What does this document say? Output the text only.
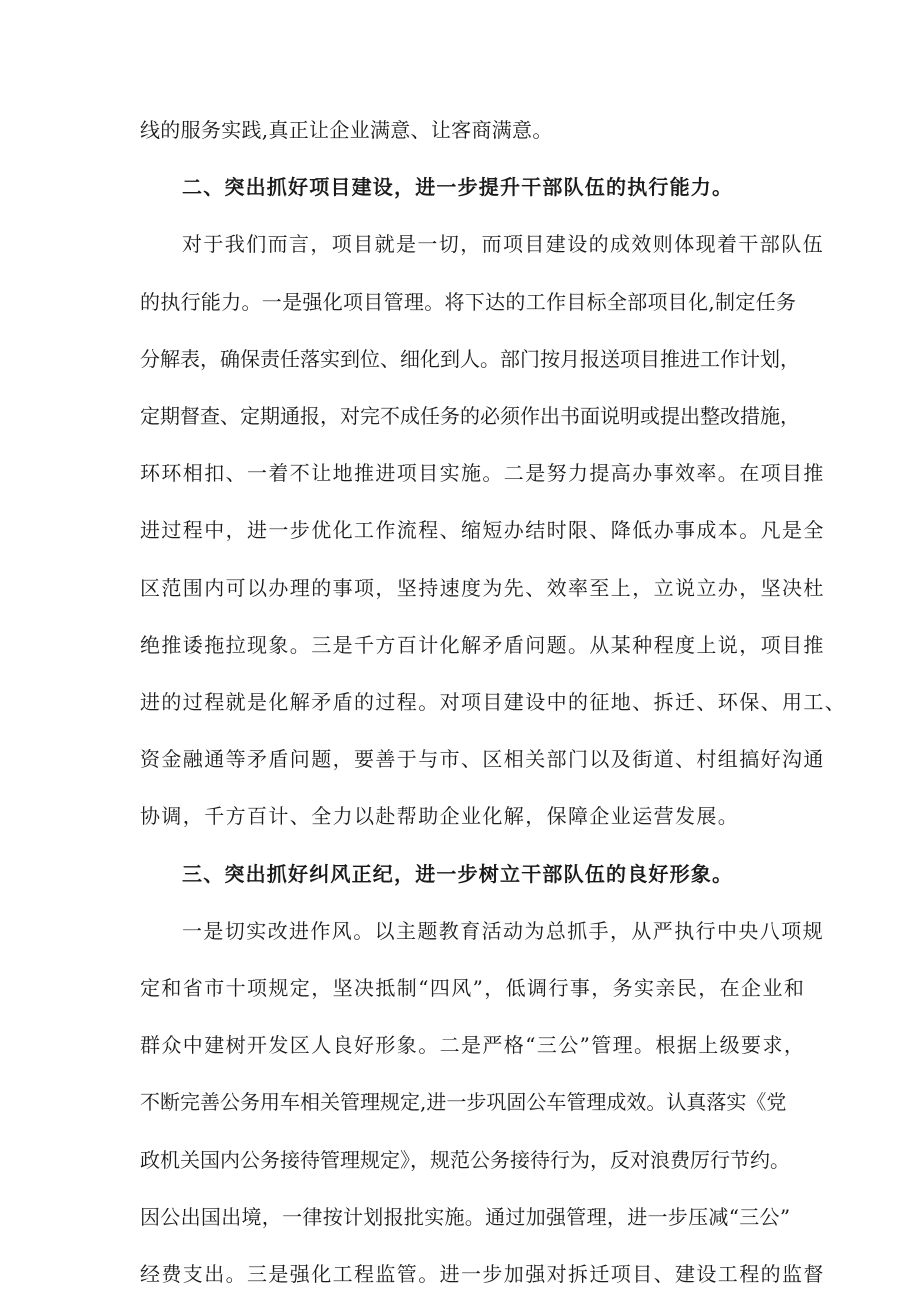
线的服务实践,真正让企业满意、让客商满意。

二、突出抓好项目建设，进一步提升干部队伍的执行能力。

对于我们而言，项目就是一切，而项目建设的成效则体现着干部队伍

的执行能力。一是强化项目管理。将下达的工作目标全部项目化,制定任务

分解表，确保责任落实到位、细化到人。部门按月报送项目推进工作计划，

定期督查、定期通报，对完不成任务的必须作出书面说明或提出整改措施，

环环相扣、一着不让地推进项目实施。二是努力提高办事效率。在项目推

进过程中，进一步优化工作流程、缩短办结时限、降低办事成本。凡是全

区范围内可以办理的事项，坚持速度为先、效率至上，立说立办，坚决杜

绝推诿拖拉现象。三是千方百计化解矛盾问题。从某种程度上说，项目推

进的过程就是化解矛盾的过程。对项目建设中的征地、拆迁、环保、用工、

资金融通等矛盾问题，要善于与市、区相关部门以及街道、村组搞好沟通

协调，千方百计、全力以赴帮助企业化解，保障企业运营发展。

三、突出抓好纠风正纪，进一步树立干部队伍的良好形象。

一是切实改进作风。以主题教育活动为总抓手，从严执行中央八项规

定和省市十项规定，坚决抵制“四风”，低调行事，务实亲民，在企业和

群众中建树开发区人良好形象。二是严格“三公”管理。根据上级要求，

不断完善公务用车相关管理规定,进一步巩固公车管理成效。认真落实《党

政机关国内公务接待管理规定》，规范公务接待行为，反对浪费厉行节约。

因公出国出境，一律按计划报批实施。通过加强管理，进一步压减“三公”

经费支出。三是强化工程监管。进一步加强对拆迁项目、建设工程的监督
